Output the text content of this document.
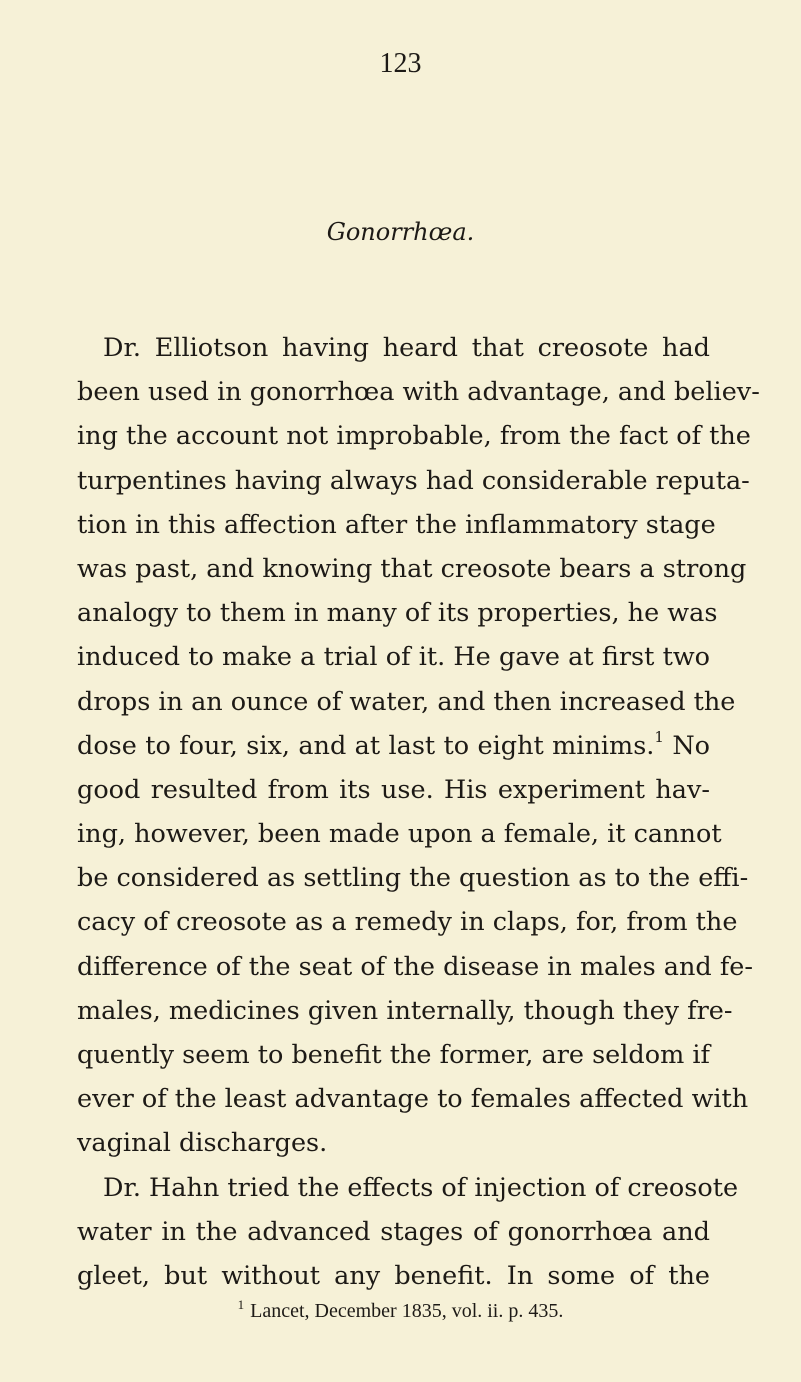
123
Gonorrhœa.
Dr. Elliotson having heard that creosote had
been used in gonorrhœa with advantage, and believ-
ing the account not improbable, from the fact of the
turpentines having always had considerable reputa-
tion in this affection after the inflammatory stage
was past, and knowing that creosote bears a strong
analogy to them in many of its properties, he was
induced to make a trial of it. He gave at first two
drops in an ounce of water, and then increased the
dose to four, six, and at last to eight minims.$^1$ No
good resulted from its use. His experiment hav-
ing, however, been made upon a female, it cannot
be considered as settling the question as to the effi-
cacy of creosote as a remedy in claps, for, from the
difference of the seat of the disease in males and fe-
males, medicines given internally, though they fre-
quently seem to benefit the former, are seldom if
ever of the least advantage to females affected with
vaginal discharges.
Dr. Hahn tried the effects of injection of creosote
water in the advanced stages of gonorrhœa and
gleet, but without any benefit. In some of the
$^1$ Lancet, December 1835, vol. ii. p. 435.
